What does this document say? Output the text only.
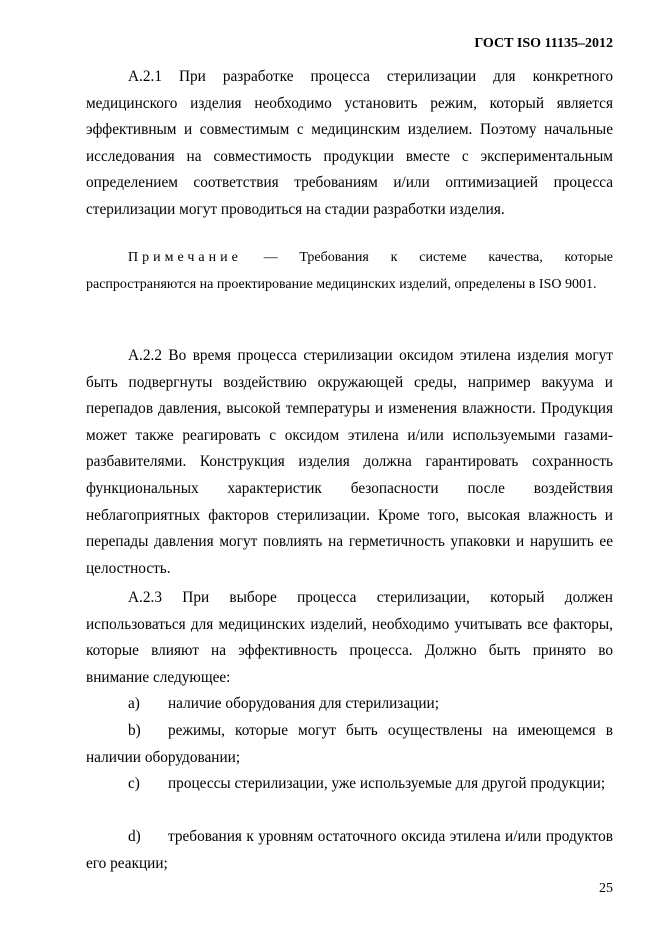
ГОСТ ISO 11135–2012

А.2.1 При разработке процесса стерилизации для конкретного медицинского изделия необходимо установить режим, который является эффективным и совместимым с медицинским изделием. Поэтому начальные исследования на совместимость продукции вместе с экспериментальным определением соответствия требованиям и/или оптимизацией процесса стерилизации могут проводиться на стадии разработки изделия.

Примечание — Требования к системе качества, которые распространяются на проектирование медицинских изделий, определены в ISO 9001.

А.2.2 Во время процесса стерилизации оксидом этилена изделия могут быть подвергнуты воздействию окружающей среды, например вакуума и перепадов давления, высокой температуры и изменения влажности. Продукция может также реагировать с оксидом этилена и/или используемыми газами-разбавителями. Конструкция изделия должна гарантировать сохранность функциональных характеристик безопасности после воздействия неблагоприятных факторов стерилизации. Кроме того, высокая влажность и перепады давления могут повлиять на герметичность упаковки и нарушить ее целостность.

А.2.3 При выборе процесса стерилизации, который должен использоваться для медицинских изделий, необходимо учитывать все факторы, которые влияют на эффективность процесса. Должно быть принято во внимание следующее:

a) наличие оборудования для стерилизации;

b) режимы, которые могут быть осуществлены на имеющемся в наличии оборудовании;

c) процессы стерилизации, уже используемые для другой продукции;

d) требования к уровням остаточного оксида этилена и/или продуктов его реакции;

25
